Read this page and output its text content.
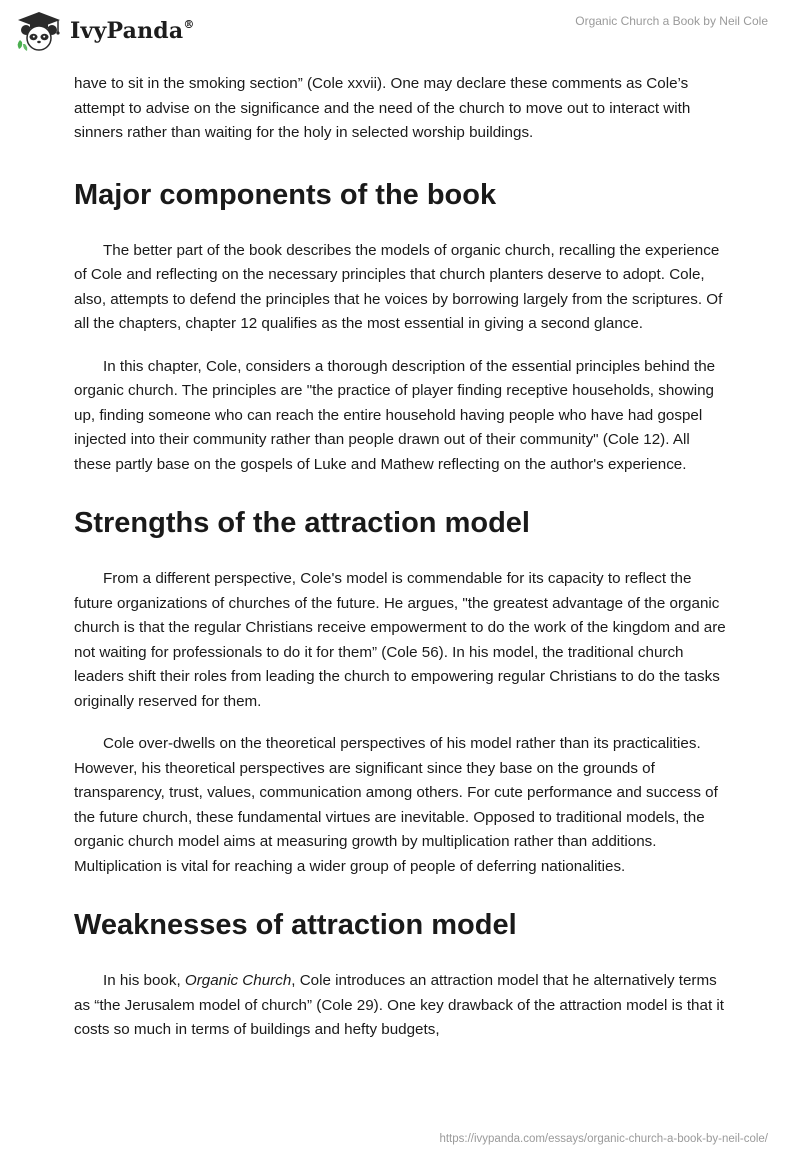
IvyPanda®	Organic Church a Book by Neil Cole

have to sit in the smoking section” (Cole xxvii). One may declare these comments as Cole’s attempt to advise on the significance and the need of the church to move out to interact with sinners rather than waiting for the holy in selected worship buildings.

Major components of the book

The better part of the book describes the models of organic church, recalling the experience of Cole and reflecting on the necessary principles that church planters deserve to adopt. Cole, also, attempts to defend the principles that he voices by borrowing largely from the scriptures. Of all the chapters, chapter 12 qualifies as the most essential in giving a second glance.

In this chapter, Cole, considers a thorough description of the essential principles behind the organic church. The principles are "the practice of player finding receptive households, showing up, finding someone who can reach the entire household having people who have had gospel injected into their community rather than people drawn out of their community" (Cole 12). All these partly base on the gospels of Luke and Mathew reflecting on the author's experience.

Strengths of the attraction model

From a different perspective, Cole's model is commendable for its capacity to reflect the future organizations of churches of the future. He argues, "the greatest advantage of the organic church is that the regular Christians receive empowerment to do the work of the kingdom and are not waiting for professionals to do it for them” (Cole 56). In his model, the traditional church leaders shift their roles from leading the church to empowering regular Christians to do the tasks originally reserved for them.

Cole over-dwells on the theoretical perspectives of his model rather than its practicalities. However, his theoretical perspectives are significant since they base on the grounds of transparency, trust, values, communication among others. For cute performance and success of the future church, these fundamental virtues are inevitable. Opposed to traditional models, the organic church model aims at measuring growth by multiplication rather than additions. Multiplication is vital for reaching a wider group of people of deferring nationalities.

Weaknesses of attraction model

In his book, Organic Church, Cole introduces an attraction model that he alternatively terms as “the Jerusalem model of church” (Cole 29). One key drawback of the attraction model is that it costs so much in terms of buildings and hefty budgets,

https://ivypanda.com/essays/organic-church-a-book-by-neil-cole/
